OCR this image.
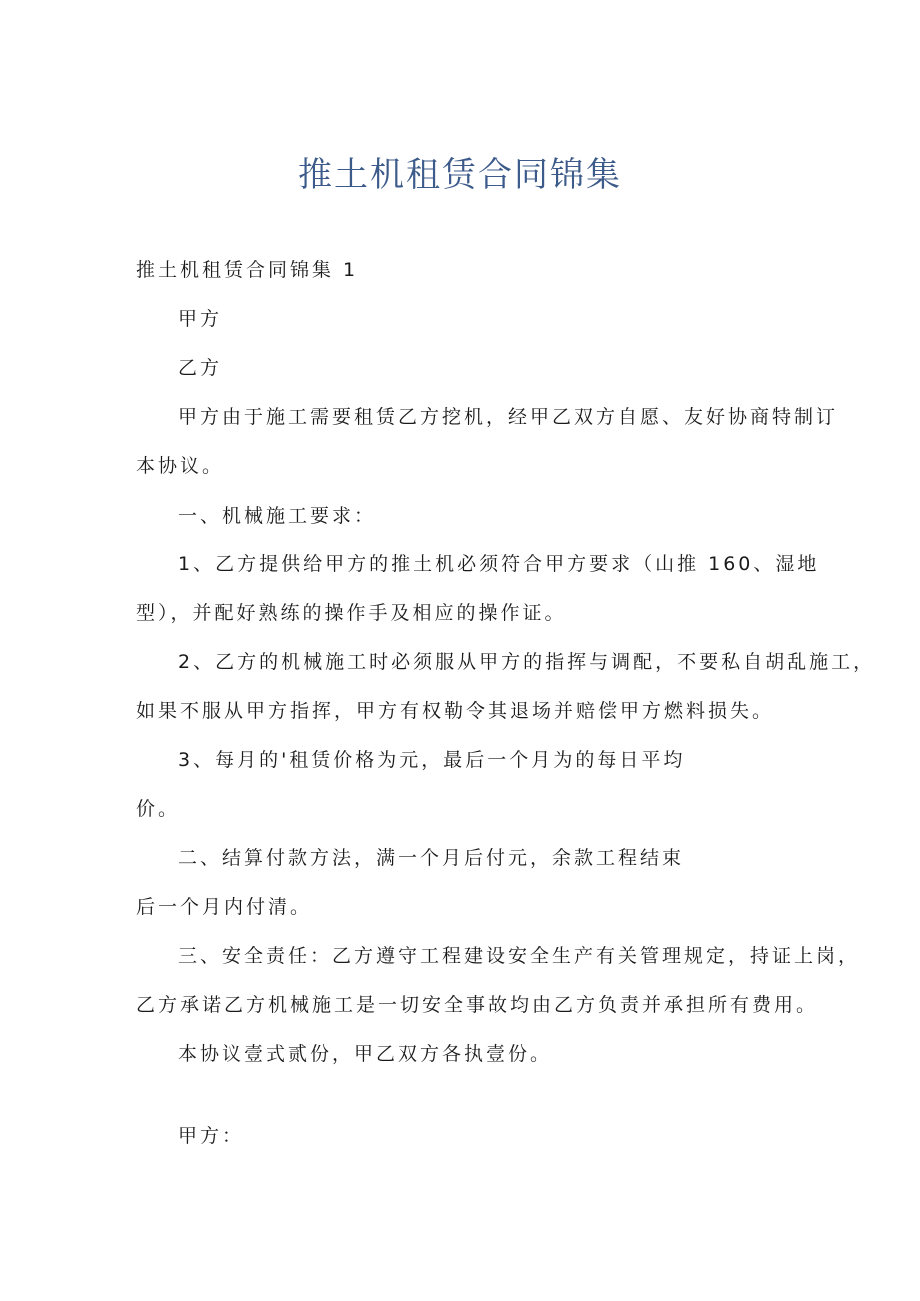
推土机租赁合同锦集
推土机租赁合同锦集 1
甲方
乙方
甲方由于施工需要租赁乙方挖机，经甲乙双方自愿、友好协商特制订
本协议。
一、机械施工要求：
1、乙方提供给甲方的推土机必须符合甲方要求（山推 160、湿地
型），并配好熟练的操作手及相应的操作证。
2、乙方的机械施工时必须服从甲方的指挥与调配，不要私自胡乱施工，
如果不服从甲方指挥，甲方有权勒令其退场并赔偿甲方燃料损失。
3、每月的'租赁价格为元，最后一个月为的每日平均
价。
二、结算付款方法，满一个月后付元，余款工程结束
后一个月内付清。
三、安全责任：乙方遵守工程建设安全生产有关管理规定，持证上岗，
乙方承诺乙方机械施工是一切安全事故均由乙方负责并承担所有费用。
本协议壹式贰份，甲乙双方各执壹份。
甲方：
